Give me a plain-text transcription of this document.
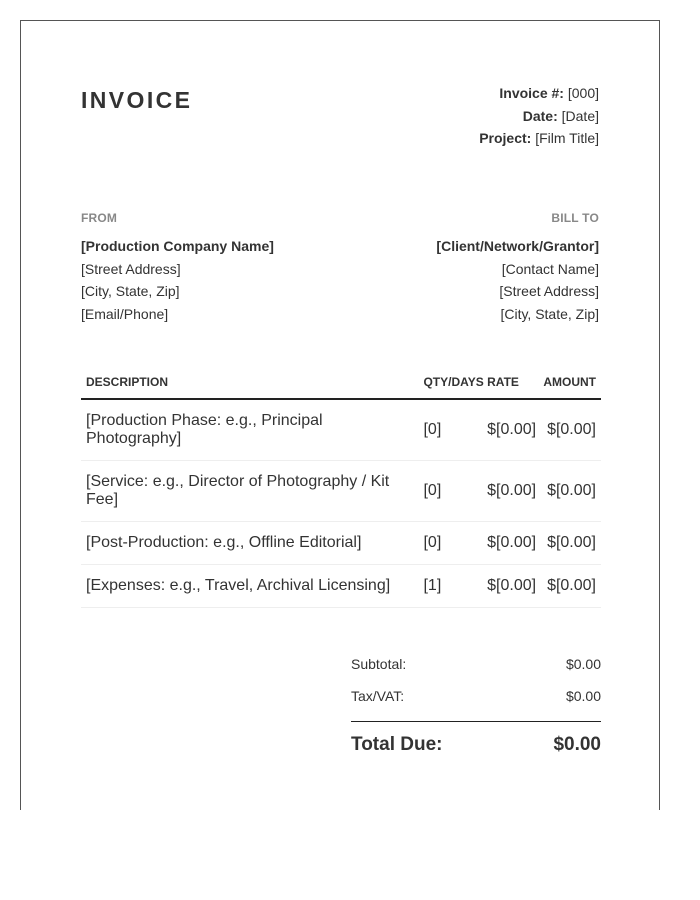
INVOICE	Invoice #: [000]
Date: [Date]
Project: [Film Title]
FROM
[Production Company Name]
[Street Address]
[City, State, Zip]
[Email/Phone]
BILL TO
[Client/Network/Grantor]
[Contact Name]
[Street Address]
[City, State, Zip]
DESCRIPTION	QTY/DAYS	RATE	AMOUNT
[Production Phase: e.g., Principal Photography]	[0]	$[0.00]	$[0.00]
[Service: e.g., Director of Photography / Kit Fee]	[0]	$[0.00]	$[0.00]
[Post-Production: e.g., Offline Editorial]	[0]	$[0.00]	$[0.00]
[Expenses: e.g., Travel, Archival Licensing]	[1]	$[0.00]	$[0.00]
Subtotal:	$0.00
Tax/VAT:	$0.00
Total Due:	$0.00
